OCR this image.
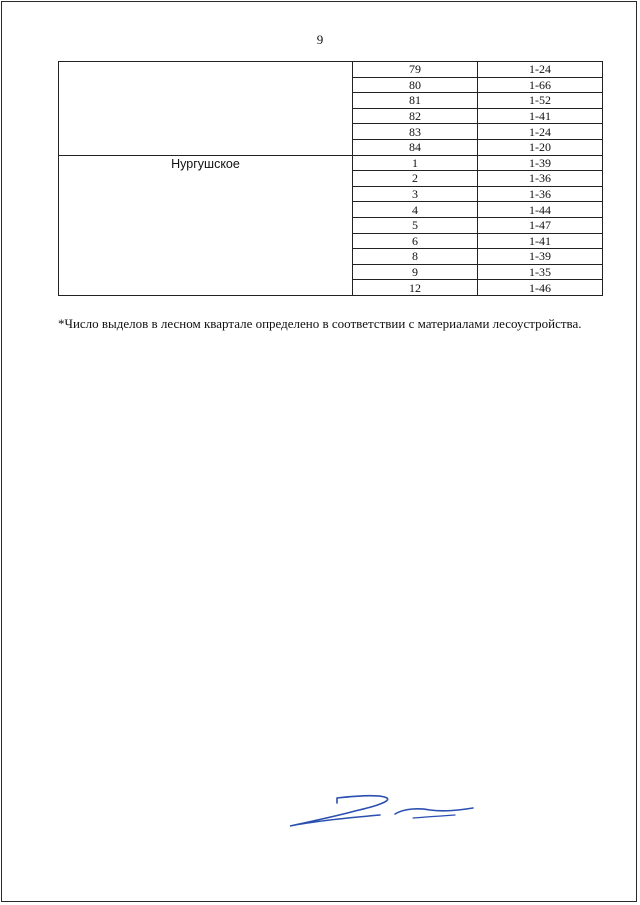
9
	79	1-24
	80	1-66
	81	1-52
	82	1-41
	83	1-24
	84	1-20
Нургушское	1	1-39
	2	1-36
	3	1-36
	4	1-44
	5	1-47
	6	1-41
	8	1-39
	9	1-35
	12	1-46
*Число выделов в лесном квартале определено в соответствии с материалами лесоустройства.
